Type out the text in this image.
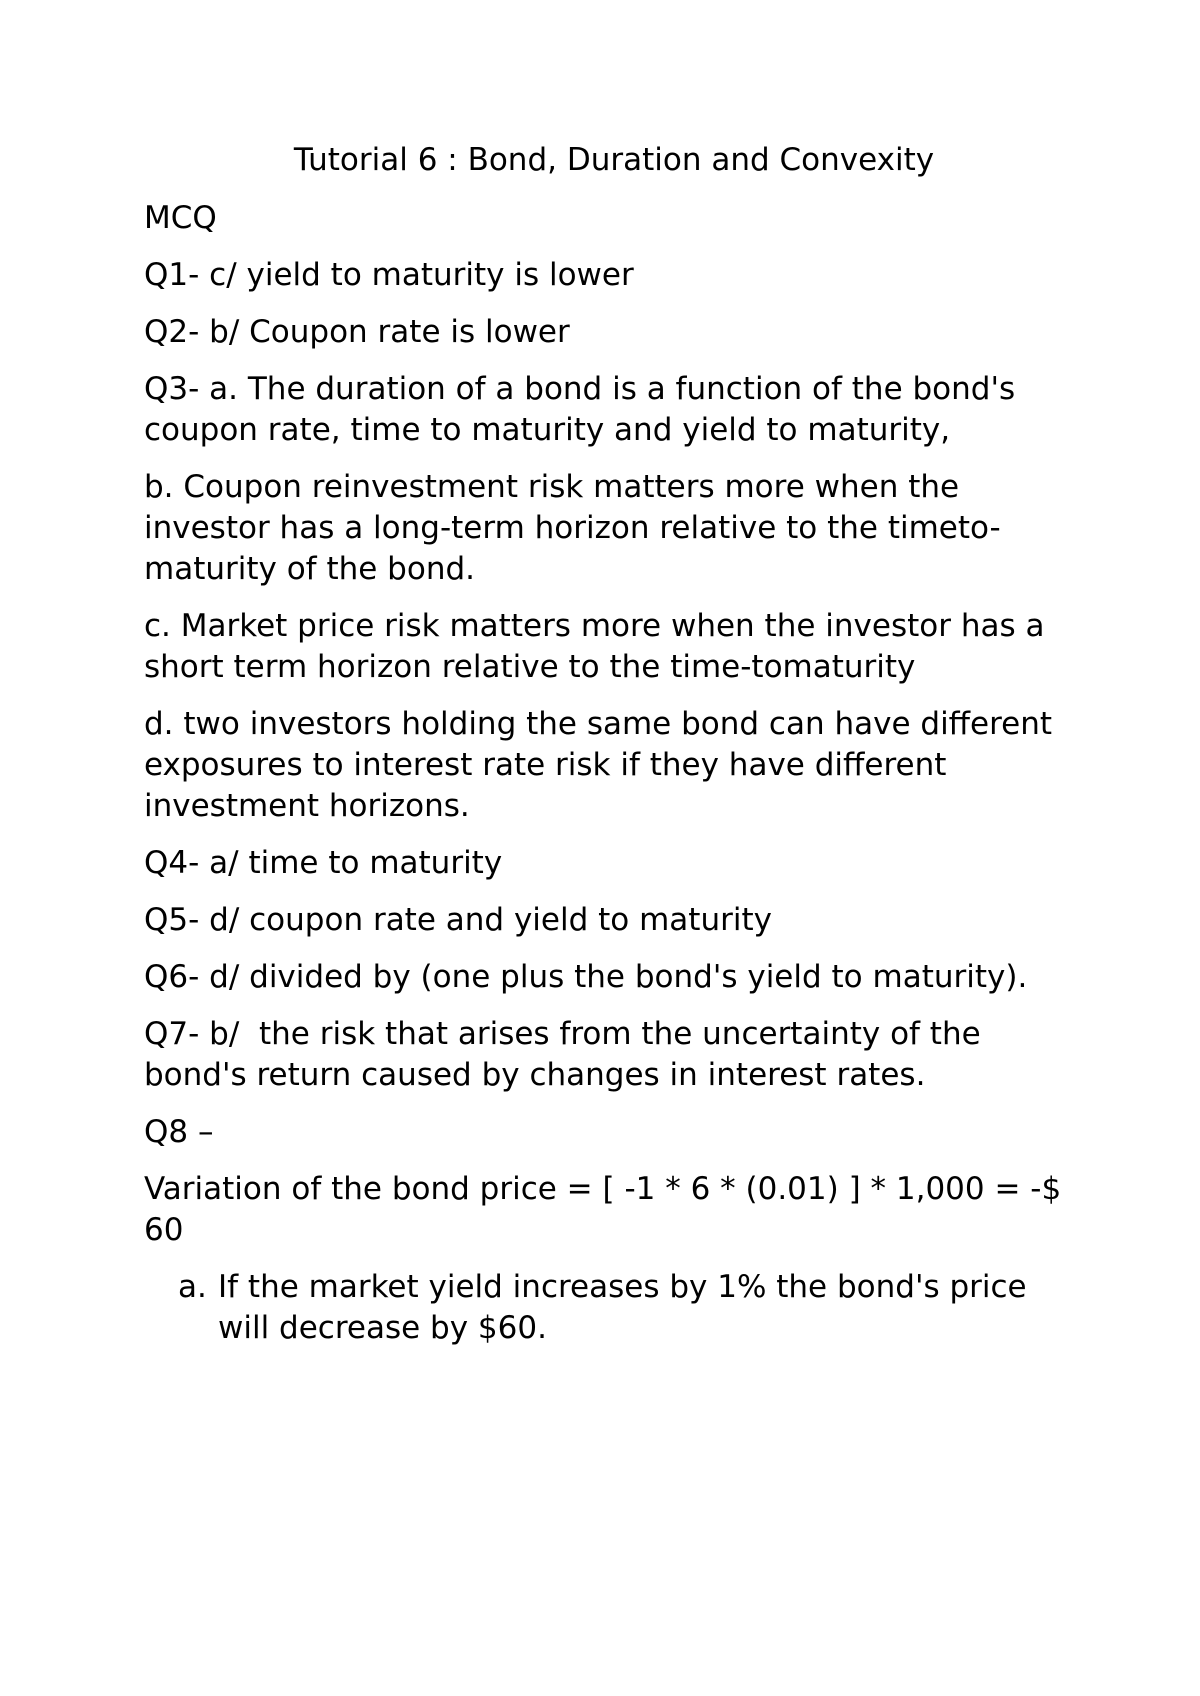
Tutorial 6 : Bond, Duration and Convexity
MCQ
Q1- c/ yield to maturity is lower
Q2- b/ Coupon rate is lower
Q3- a. The duration of a bond is a function of the bond's coupon rate, time to maturity and yield to maturity,
b. Coupon reinvestment risk matters more when the investor has a long-term horizon relative to the timeto-maturity of the bond.
c. Market price risk matters more when the investor has a short term horizon relative to the time-tomaturity
d. two investors holding the same bond can have different exposures to interest rate risk if they have different investment horizons.
Q4- a/ time to maturity
Q5- d/ coupon rate and yield to maturity
Q6- d/ divided by (one plus the bond's yield to maturity).
Q7- b/  the risk that arises from the uncertainty of the bond's return caused by changes in interest rates.
Q8 –
Variation of the bond price = [ -1 * 6 * (0.01) ] * 1,000 = -$ 60
a. If the market yield increases by 1% the bond's price will decrease by $60.
